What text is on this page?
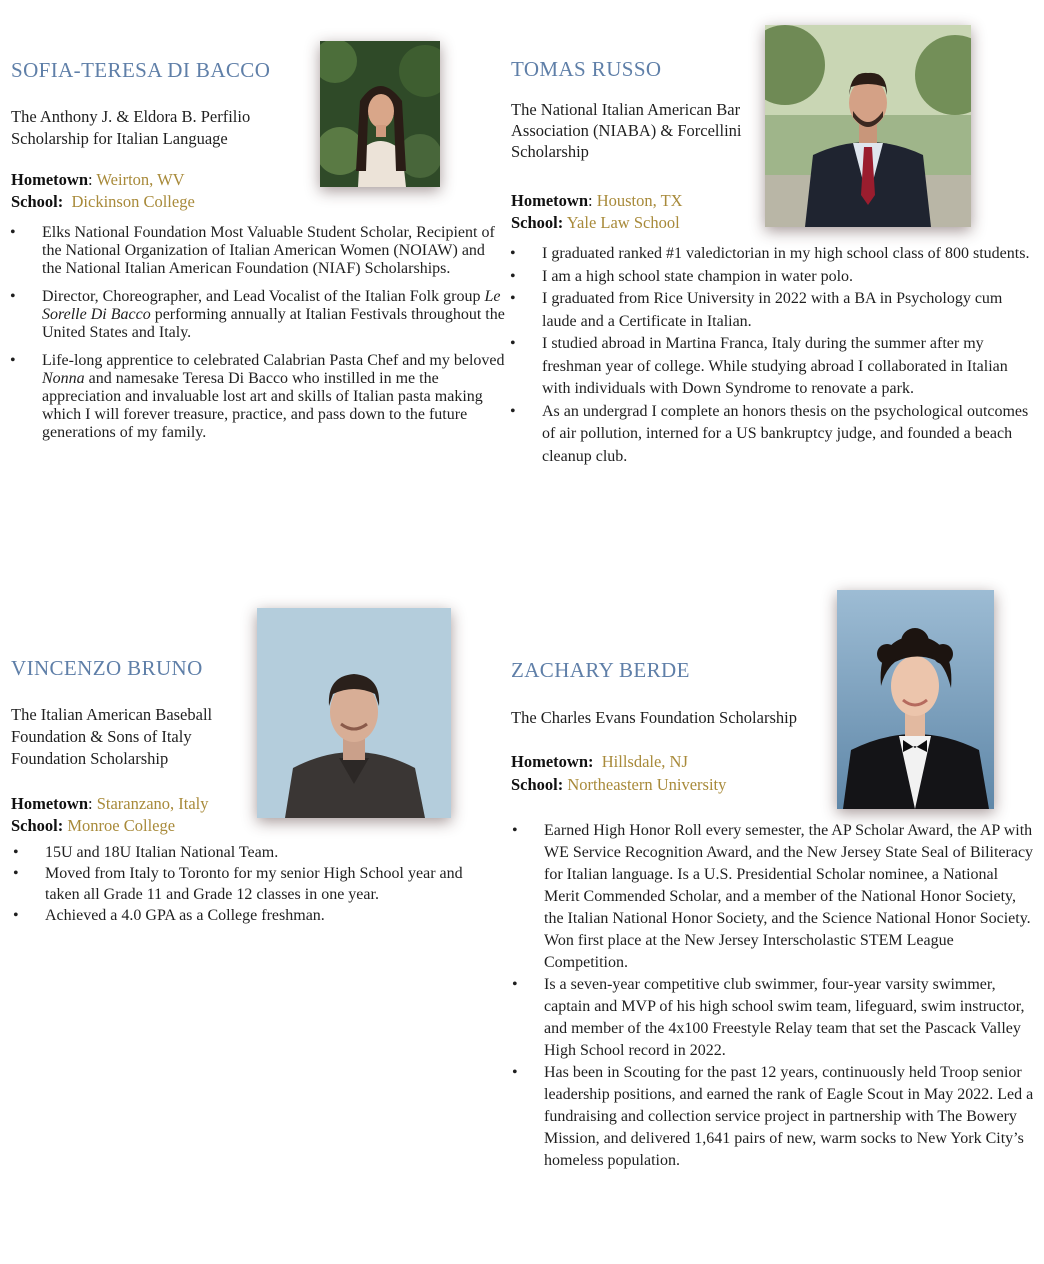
SOFIA-TERESA DI BACCO

The Anthony J. & Eldora B. Perfilio Scholarship for Italian Language

Hometown: Weirton, WV
School: Dickinson College
• Elks National Foundation Most Valuable Student Scholar, Recipient of the National Organization of Italian American Women (NOIAW) and the National Italian American Foundation (NIAF) Scholarships.
• Director, Choreographer, and Lead Vocalist of the Italian Folk group Le Sorelle Di Bacco performing annually at Italian Festivals throughout the United States and Italy.
• Life-long apprentice to celebrated Calabrian Pasta Chef and my beloved Nonna and namesake Teresa Di Bacco who instilled in me the appreciation and invaluable lost art and skills of Italian pasta making which I will forever treasure, practice, and pass down to the future generations of my family.
TOMAS RUSSO

The National Italian American Bar Association (NIABA) & Forcellini Scholarship

Hometown: Houston, TX
School: Yale Law School
• I graduated ranked #1 valedictorian in my high school class of 800 students.
• I am a high school state champion in water polo.
• I graduated from Rice University in 2022 with a BA in Psychology cum laude and a Certificate in Italian.
• I studied abroad in Martina Franca, Italy during the summer after my freshman year of college. While studying abroad I collaborated in Italian with individuals with Down Syndrome to renovate a park.
• As an undergrad I complete an honors thesis on the psychological outcomes of air pollution, interned for a US bankruptcy judge, and founded a beach cleanup club.
VINCENZO BRUNO

The Italian American Baseball Foundation & Sons of Italy Foundation Scholarship

Hometown: Staranzano, Italy
School: Monroe College
• 15U and 18U Italian National Team.
• Moved from Italy to Toronto for my senior High School year and taken all Grade 11 and Grade 12 classes in one year.
• Achieved a 4.0 GPA as a College freshman.
ZACHARY BERDE

The Charles Evans Foundation Scholarship

Hometown: Hillsdale, NJ
School: Northeastern University
• Earned High Honor Roll every semester, the AP Scholar Award, the AP with WE Service Recognition Award, and the New Jersey State Seal of Biliteracy for Italian language. Is a U.S. Presidential Scholar nominee, a National Merit Commended Scholar, and a member of the National Honor Society, the Italian National Honor Society, and the Science National Honor Society. Won first place at the New Jersey Interscholastic STEM League Competition.
• Is a seven-year competitive club swimmer, four-year varsity swimmer, captain and MVP of his high school swim team, lifeguard, swim instructor, and member of the 4x100 Freestyle Relay team that set the Pascack Valley High School record in 2022.
• Has been in Scouting for the past 12 years, continuously held Troop senior leadership positions, and earned the rank of Eagle Scout in May 2022. Led a fundraising and collection service project in partnership with The Bowery Mission, and delivered 1,641 pairs of new, warm socks to New York City’s homeless population.
